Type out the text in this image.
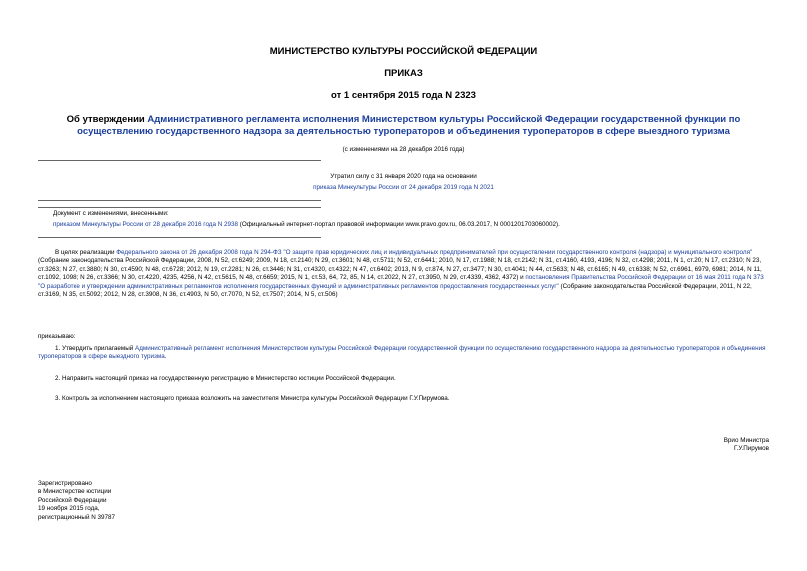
МИНИСТЕРСТВО КУЛЬТУРЫ РОССИЙСКОЙ ФЕДЕРАЦИИ
ПРИКАЗ
от 1 сентября 2015 года N 2323
Об утверждении Административного регламента исполнения Министерством культуры Российской Федерации государственной функции по осуществлению государственного надзора за деятельностью туроператоров и объединения туроператоров в сфере выездного туризма
(с изменениями на 28 декабря 2016 года)
Утратил силу с 31 января 2020 года на основании
приказа Минкультуры России от 24 декабря 2019 года N 2021
Документ с изменениями, внесенными:
приказом Минкультуры России от 28 декабря 2016 года N 2938 (Официальный интернет-портал правовой информации www.pravo.gov.ru, 06.03.2017, N 0001201703060002).
В целях реализации Федерального закона от 26 декабря 2008 года N 294-ФЗ "О защите прав юридических лиц и индивидуальных предпринимателей при осуществлении государственного контроля (надзора) и муниципального контроля" (Собрание законодательства Российской Федерации, 2008, N 52, ст.6249; 2009, N 18, ст.2140; N 29, ст.3601; N 48, ст.5711; N 52, ст.6441; 2010, N 17, ст.1988; N 18, ст.2142; N 31, ст.4160, 4193, 4196; N 32, ст.4298; 2011, N 1, ст.20; N 17, ст.2310; N 23, ст.3263; N 27, ст.3880; N 30, ст.4590; N 48, ст.6728; 2012, N 19, ст.2281; N 26, ст.3446; N 31, ст.4320, ст.4322; N 47, ст.6402; 2013, N 9, ст.874, N 27, ст.3477; N 30, ст.4041; N 44, ст.5633; N 48, ст.6165; N 49, ст.6338; N 52, ст.6961, 6979, 6981; 2014, N 11, ст.1092, 1098; N 26, ст.3366; N 30, ст.4220, 4235, 4256, N 42, ст.5615, N 48, ст.6659; 2015, N 1, ст.53, 64, 72, 85, N 14, ст.2022, N 27, ст.3950, N 29, ст.4339, 4362, 4372) и постановления Правительства Российской Федерации от 16 мая 2011 года N 373 "О разработке и утверждении административных регламентов исполнения государственных функций и административных регламентов предоставления государственных услуг" (Собрание законодательства Российской Федерации, 2011, N 22, ст.3169, N 35, ст.5092; 2012, N 28, ст.3908, N 36, ст.4903, N 50, ст.7070, N 52, ст.7507; 2014, N 5, ст.506)
приказываю:
1. Утвердить прилагаемый Административный регламент исполнения Министерством культуры Российской Федерации государственной функции по осуществлению государственного надзора за деятельностью туроператоров и объединения туроператоров в сфере выездного туризма.
2. Направить настоящий приказ на государственную регистрацию в Министерство юстиции Российской Федерации.
3. Контроль за исполнением настоящего приказа возложить на заместителя Министра культуры Российской Федерации Г.У.Пирумова.
Врио Министра
Г.У.Пирумов
Зарегистрировано
в Министерстве юстиции
Российской Федерации
19 ноября 2015 года,
регистрационный N 39787
